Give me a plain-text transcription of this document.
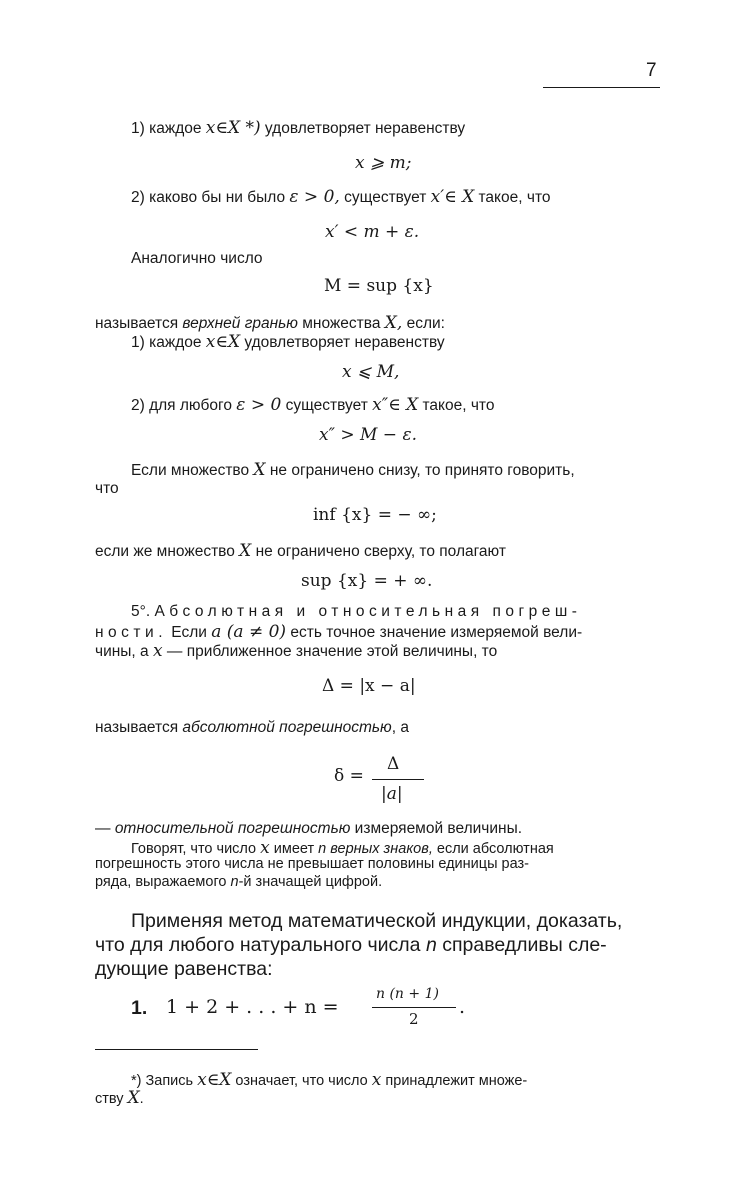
7
1) каждое x∈X *) удовлетворяет неравенству
x ⩾ m;
2) каково бы ни было ε > 0, существует x′∈ X такое, что
x′ < m + ε.
Аналогично число
M = sup {x}
называется верхней гранью множества X, если:
1) каждое x∈X удовлетворяет неравенству
x ⩽ M,
2) для любого ε > 0 существует x″∈ X такое, что
x″ > M − ε.
Если множество X не ограничено снизу, то принято говорить,
что
inf {x} = − ∞;
если же множество X не ограничено сверху, то полагают
sup {x} = + ∞.
5°. Абсолютная и относительная погреш-
ности. Если a (a ≠ 0) есть точное значение измеряемой вели-
чины, а x — приближенное значение этой величины, то
Δ = |x − a|
называется абсолютной погрешностью, а
δ =
Δ
|a|
— относительной погрешностью измеряемой величины.
Говорят, что число x имеет n верных знаков, если абсолютная
погрешность этого числа не превышает половины единицы раз-
ряда, выражаемого n-й значащей цифрой.
Применяя метод математической индукции, доказать,
что для любого натурального числа n справедливы сле-
дующие равенства:
1. 1 + 2 + . . . + n =
n (n + 1)
2
.
*) Запись x∈X означает, что число x принадлежит множе-
ству X.
